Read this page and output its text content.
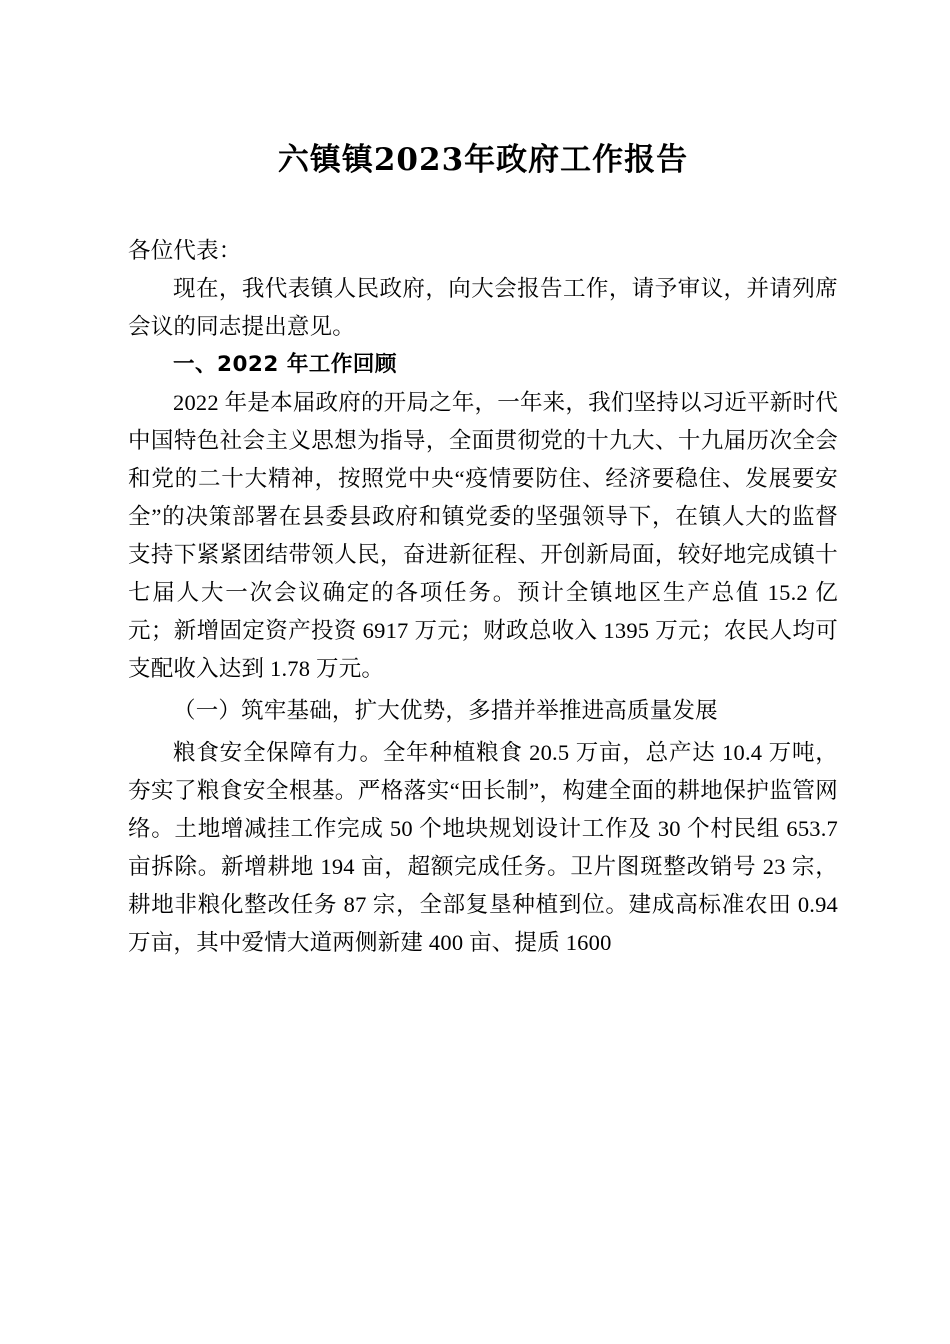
六镇镇2023年政府工作报告

各位代表：

现在，我代表镇人民政府，向大会报告工作，请予审议，并请列席会议的同志提出意见。

一、2022 年工作回顾

2022 年是本届政府的开局之年，一年来，我们坚持以习近平新时代中国特色社会主义思想为指导，全面贯彻党的十九大、十九届历次全会和党的二十大精神，按照党中央“疫情要防住、经济要稳住、发展要安全”的决策部署在县委县政府和镇党委的坚强领导下，在镇人大的监督支持下紧紧团结带领人民，奋进新征程、开创新局面，较好地完成镇十七届人大一次会议确定的各项任务。预计全镇地区生产总值 15.2 亿元；新增固定资产投资 6917 万元；财政总收入 1395 万元；农民人均可支配收入达到 1.78 万元。

（一）筑牢基础，扩大优势，多措并举推进高质量发展

粮食安全保障有力。全年种植粮食 20.5 万亩，总产达 10.4 万吨，夯实了粮食安全根基。严格落实“田长制”，构建全面的耕地保护监管网络。土地增减挂工作完成 50 个地块规划设计工作及 30 个村民组 653.7 亩拆除。新增耕地 194 亩，超额完成任务。卫片图斑整改销号 23 宗，耕地非粮化整改任务 87 宗，全部复垦种植到位。建成高标准农田 0.94 万亩，其中爱情大道两侧新建 400 亩、提质 1600
